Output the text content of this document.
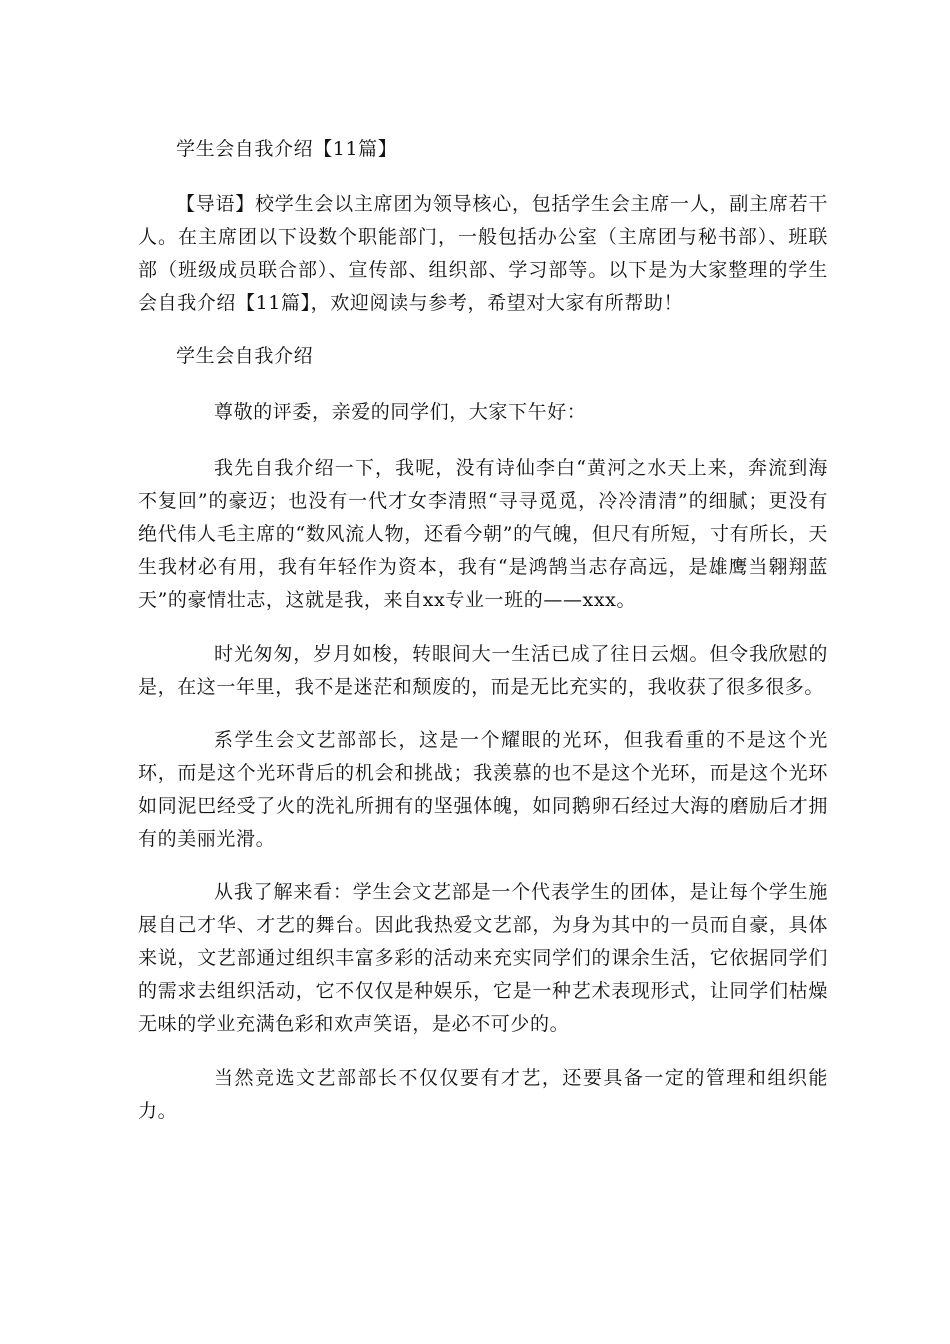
学生会自我介绍【11篇】

【导语】校学生会以主席团为领导核心，包括学生会主席一人，副主席若干人。在主席团以下设数个职能部门，一般包括办公室（主席团与秘书部）、班联部（班级成员联合部）、宣传部、组织部、学习部等。以下是为大家整理的学生会自我介绍【11篇】，欢迎阅读与参考，希望对大家有所帮助！

学生会自我介绍
尊敬的评委，亲爱的同学们，大家下午好：

我先自我介绍一下，我呢，没有诗仙李白“黄河之水天上来，奔流到海不复回”的豪迈；也没有一代才女李清照“寻寻觅觅，冷冷清清”的细腻；更没有绝代伟人毛主席的“数风流人物，还看今朝”的气魄，但尺有所短，寸有所长，天生我材必有用，我有年轻作为资本，我有“是鸿鹄当志存高远，是雄鹰当翱翔蓝天”的豪情壮志，这就是我，来自xx专业一班的——xxx。

时光匆匆，岁月如梭，转眼间大一生活已成了往日云烟。但令我欣慰的是，在这一年里，我不是迷茫和颓废的，而是无比充实的，我收获了很多很多。

系学生会文艺部部长，这是一个耀眼的光环，但我看重的不是这个光环，而是这个光环背后的机会和挑战；我羡慕的也不是这个光环，而是这个光环如同泥巴经受了火的洗礼所拥有的坚强体魄，如同鹅卵石经过大海的磨励后才拥有的美丽光滑。

从我了解来看：学生会文艺部是一个代表学生的团体，是让每个学生施展自己才华、才艺的舞台。因此我热爱文艺部，为身为其中的一员而自豪，具体来说，文艺部通过组织丰富多彩的活动来充实同学们的课余生活，它依据同学们的需求去组织活动，它不仅仅是种娱乐，它是一种艺术表现形式，让同学们枯燥无味的学业充满色彩和欢声笑语，是必不可少的。

当然竞选文艺部部长不仅仅要有才艺，还要具备一定的管理和组织能力。
